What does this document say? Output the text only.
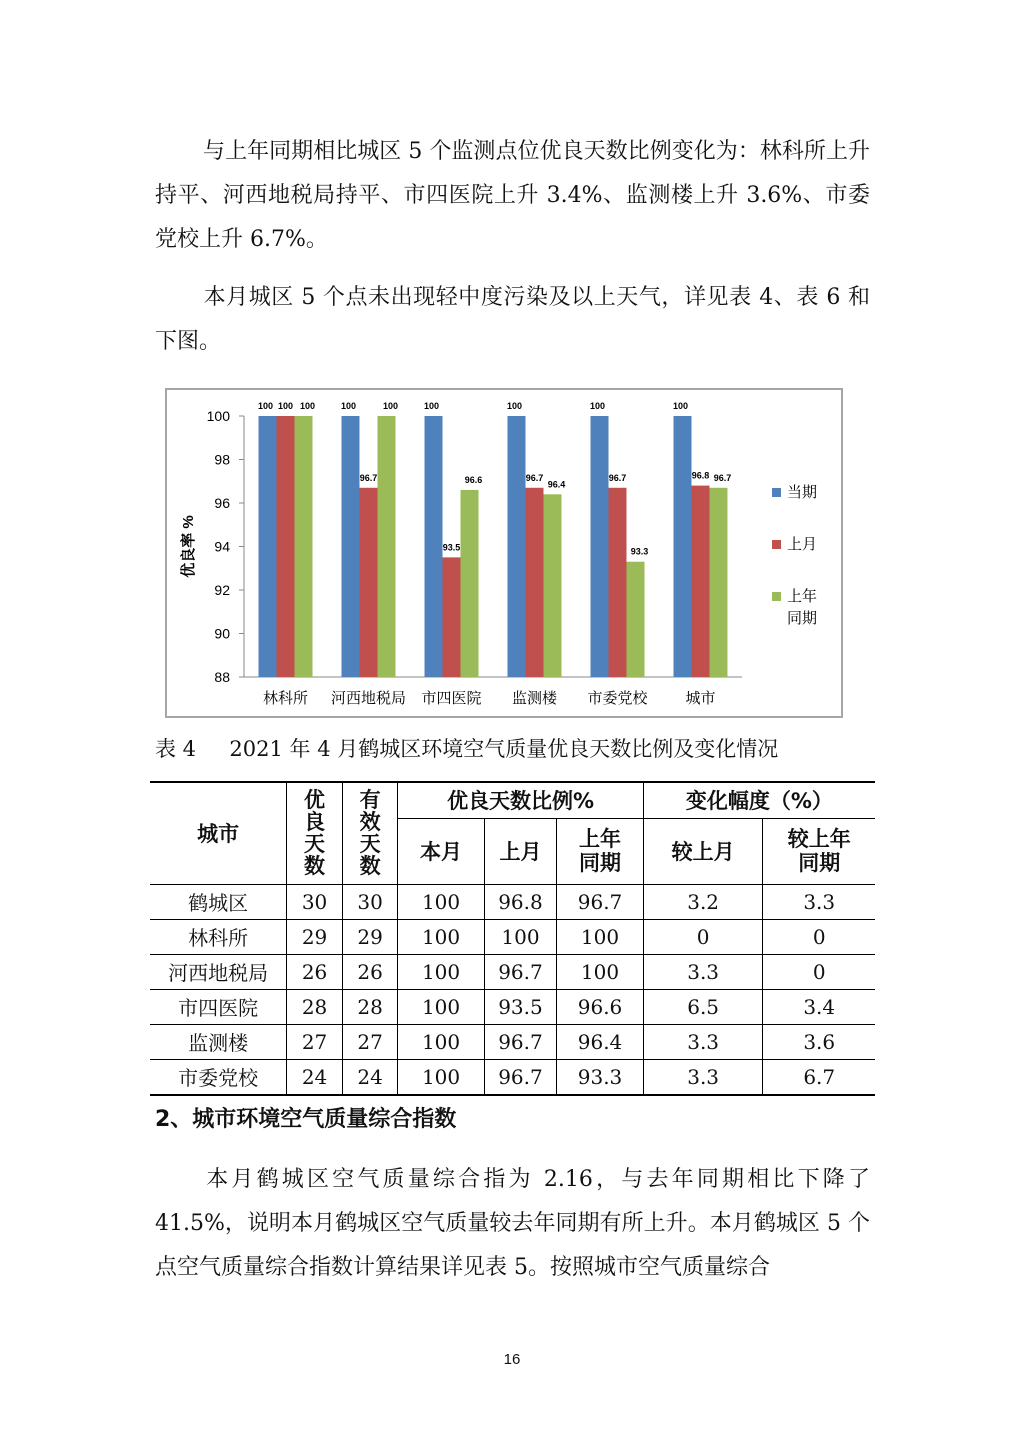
与上年同期相比城区 5 个监测点位优良天数比例变化为：林科所上升持平、河西地税局持平、市四医院上升 3.4%、监测楼上升 3.6%、市委党校上升 6.7%。

本月城区 5 个点未出现轻中度污染及以上天气，详见表 4、表 6 和下图。

88
90
92
94
96
98
100
优良率 %
100 100 100
林科所
100
96.7
100
河西地税局
100
93.5
96.6
市四医院
100
96.7
96.4
监测楼
100
96.7
93.3
市委党校
100
96.8 96.7
城市
当期
上月
上年
同期
表 4     2021 年 4 月鹤城区环境空气质量优良天数比例及变化情况
城市	优良天数	有效天数	优良天数比例%			变化幅度（%）	
			本月	上月	上年同期	较上月	较上年同期
鹤城区	30	30	100	96.8	96.7	3.2	3.3
林科所	29	29	100	100	100	0	0
河西地税局	26	26	100	96.7	100	3.3	0
市四医院	28	28	100	93.5	96.6	6.5	3.4
监测楼	27	27	100	96.7	96.4	3.3	3.6
市委党校	24	24	100	96.7	93.3	3.3	6.7
2、城市环境空气质量综合指数

本月鹤城区空气质量综合指为 2.16，与去年同期相比下降了 41.5%，说明本月鹤城区空气质量较去年同期有所上升。本月鹤城区 5 个点空气质量综合指数计算结果详见表 5。按照城市空气质量综合

16
